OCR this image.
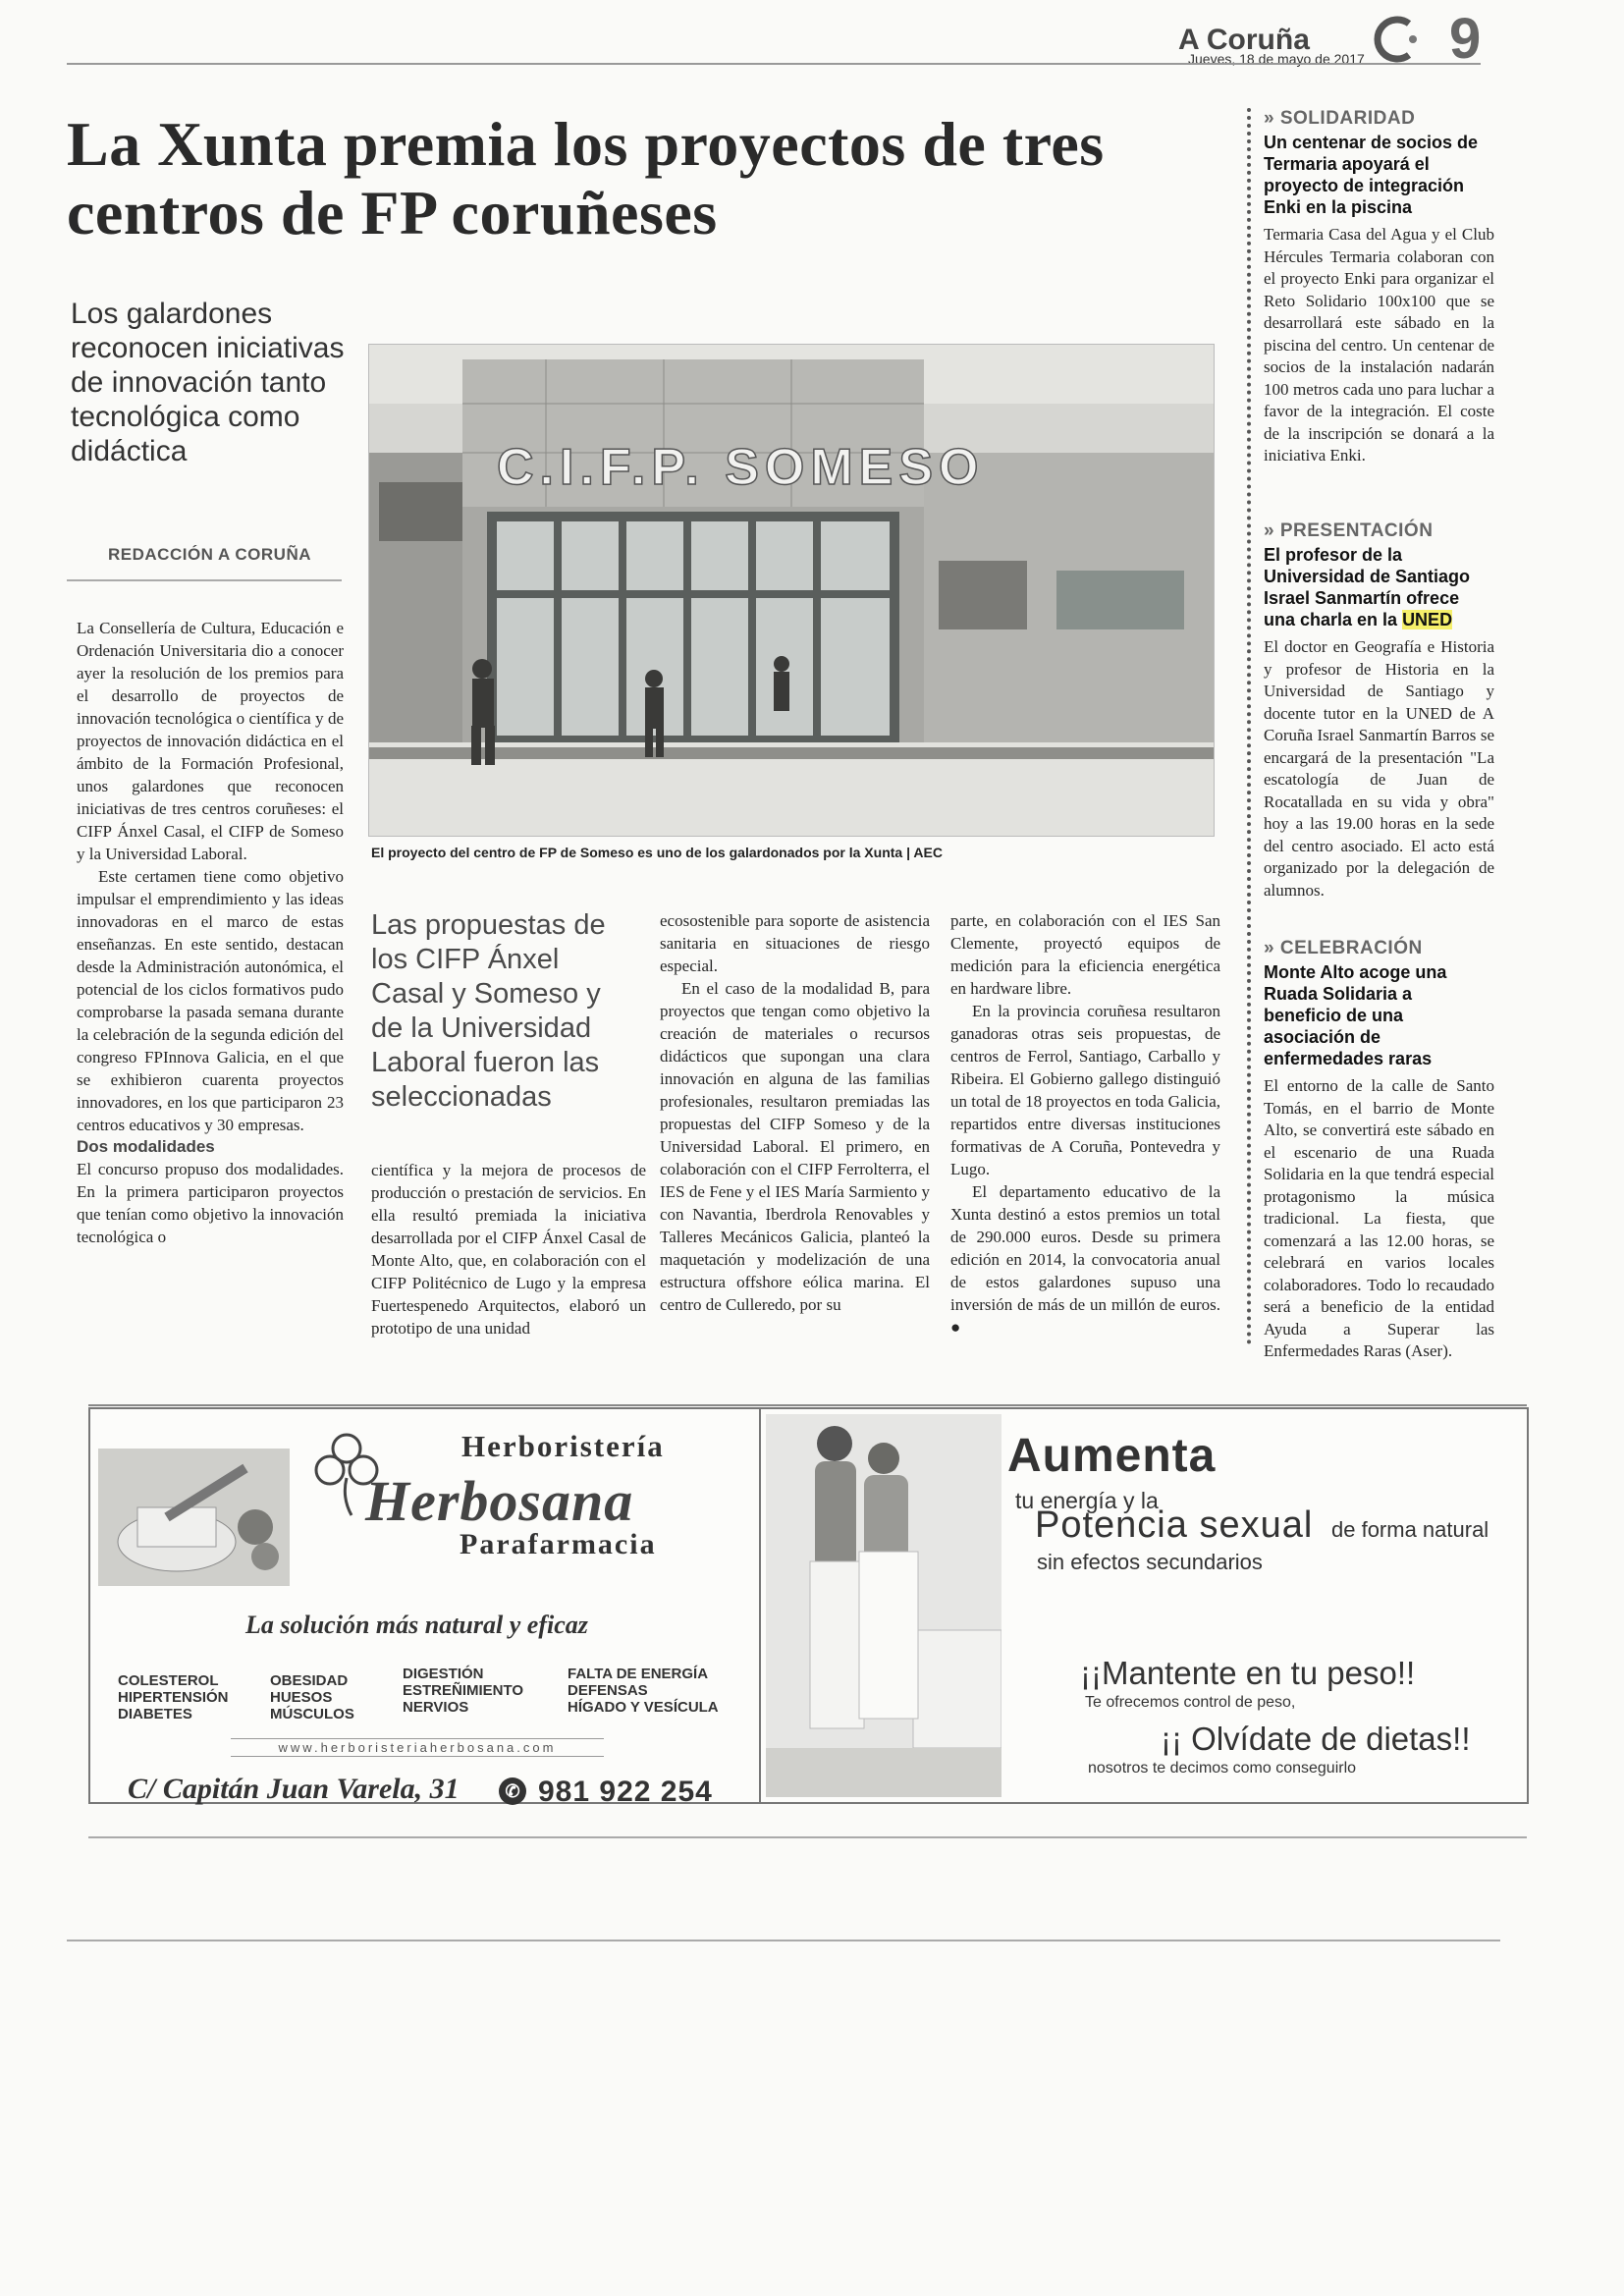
A Coruña
Jueves, 18 de mayo de 2017 9
La Xunta premia los proyectos de tres centros de FP coruñeses
Los galardones reconocen iniciativas de innovación tanto tecnológica como didáctica
REDACCIÓN A CORUÑA

La Consellería de Cultura, Educación e Ordenación Universitaria dio a conocer ayer la resolución de los premios para el desarrollo de proyectos de innovación tecnológica o científica y de proyectos de innovación didáctica en el ámbito de la Formación Profesional, unos galardones que reconocen iniciativas de tres centros coruñeses: el CIFP Ánxel Casal, el CIFP de Someso y la Universidad Laboral.

Este certamen tiene como objetivo impulsar el emprendimiento y las ideas innovadoras en el marco de estas enseñanzas. En este sentido, destacan desde la Administración autonómica, el potencial de los ciclos formativos pudo comprobarse la pasada semana durante la celebración de la segunda edición del congreso FPInnova Galicia, en el que se exhibieron cuarenta proyectos innovadores, en los que participaron 23 centros educativos y 30 empresas.

Dos modalidades

El concurso propuso dos modalidades. En la primera participaron proyectos que tenían como objetivo la innovación tecnológica o

C.I.F.P. SOMESO
El proyecto del centro de FP de Someso es uno de los galardonados por la Xunta | AEC
Las propuestas de los CIFP Ánxel Casal y Someso y de la Universidad Laboral fueron las seleccionadas

científica y la mejora de procesos de producción o prestación de servicios. En ella resultó premiada la iniciativa desarrollada por el CIFP Ánxel Casal de Monte Alto, que, en colaboración con el CIFP Politécnico de Lugo y la empresa Fuertespenedo Arquitectos, elaboró un prototipo de una unidad

ecosostenible para soporte de asistencia sanitaria en situaciones de riesgo especial.

En el caso de la modalidad B, para proyectos que tengan como objetivo la creación de materiales o recursos didácticos que supongan una clara innovación en alguna de las familias profesionales, resultaron premiadas las propuestas del CIFP Someso y de la Universidad Laboral. El primero, en colaboración con el CIFP Ferrolterra, el IES de Fene y el IES María Sarmiento y con Navantia, Iberdrola Renovables y Talleres Mecánicos Galicia, planteó la maquetación y modelización de una estructura offshore eólica marina. El centro de Culleredo, por su

parte, en colaboración con el IES San Clemente, proyectó equipos de medición para la eficiencia energética en hardware libre.

En la provincia coruñesa resultaron ganadoras otras seis propuestas, de centros de Ferrol, Santiago, Carballo y Ribeira. El Gobierno gallego distinguió un total de 18 proyectos en toda Galicia, repartidos entre diversas instituciones formativas de A Coruña, Pontevedra y Lugo.

El departamento educativo de la Xunta destinó a estos premios un total de 290.000 euros. Desde su primera edición en 2014, la convocatoria anual de estos galardones supuso una inversión de más de un millón de euros. ●

» SOLIDARIDAD
Un centenar de socios de Termaria apoyará el proyecto de integración Enki en la piscina
Termaria Casa del Agua y el Club Hércules Termaria colaboran con el proyecto Enki para organizar el Reto Solidario 100x100 que se desarrollará este sábado en la piscina del centro. Un centenar de socios de la instalación nadarán 100 metros cada uno para luchar a favor de la integración. El coste de la inscripción se donará a la iniciativa Enki.
» PRESENTACIÓN
El profesor de la Universidad de Santiago Israel Sanmartín ofrece una charla en la UNED
El doctor en Geografía e Historia y profesor de Historia en la Universidad de Santiago y docente tutor en la UNED de A Coruña Israel Sanmartín Barros se encargará de la presentación "La escatología de Juan de Rocatallada en su vida y obra" hoy a las 19.00 horas en la sede del centro asociado. El acto está organizado por la delegación de alumnos.
» CELEBRACIÓN
Monte Alto acoge una Ruada Solidaria a beneficio de una asociación de enfermedades raras
El entorno de la calle de Santo Tomás, en el barrio de Monte Alto, se convertirá este sábado en el escenario de una Ruada Solidaria en la que tendrá especial protagonismo la música tradicional. La fiesta, que comenzará a las 12.00 horas, se celebrará en varios locales colaboradores. Todo lo recaudado será a beneficio de la entidad Ayuda a Superar las Enfermedades Raras (Aser).
Herboristería
Herbosana
Parafarmacia
La solución más natural y eficaz
COLESTEROL
HIPERTENSIÓN
DIABETES
OBESIDAD
HUESOS
MÚSCULOS
DIGESTIÓN
ESTREÑIMIENTO
NERVIOS
FALTA DE ENERGÍA
DEFENSAS
HÍGADO Y VESÍCULA
www.herboristeriaherbosana.com
C/ Capitán Juan Varela, 31	✆ 981 922 254
Aumenta
tu energía y la
Potencia sexual de forma natural
sin efectos secundarios
¡¡Mantente en tu peso!!
Te ofrecemos control de peso,
¡¡ Olvídate de dietas!!
nosotros te decimos como conseguirlo
